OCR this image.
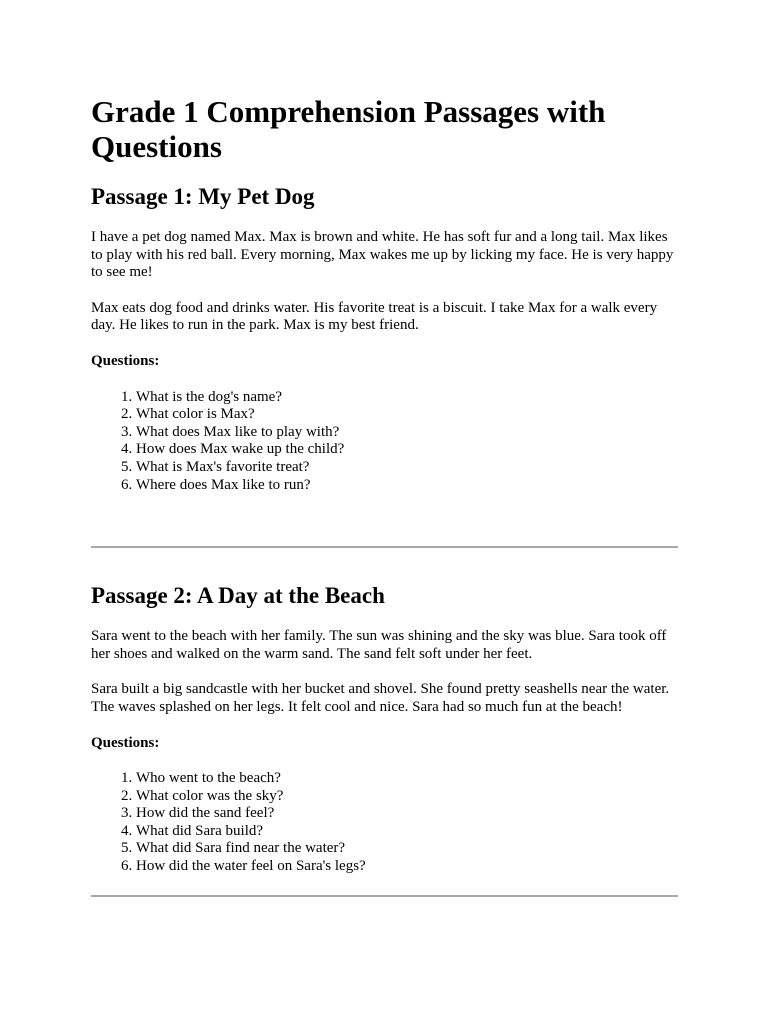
Grade 1 Comprehension Passages with Questions
Passage 1: My Pet Dog

I have a pet dog named Max. Max is brown and white. He has soft fur and a long tail. Max likes to play with his red ball. Every morning, Max wakes me up by licking my face. He is very happy to see me!

Max eats dog food and drinks water. His favorite treat is a biscuit. I take Max for a walk every day. He likes to run in the park. Max is my best friend.

Questions:
1. What is the dog's name?
2. What color is Max?
3. What does Max like to play with?
4. How does Max wake up the child?
5. What is Max's favorite treat?
6. Where does Max like to run?
Passage 2: A Day at the Beach

Sara went to the beach with her family. The sun was shining and the sky was blue. Sara took off her shoes and walked on the warm sand. The sand felt soft under her feet.

Sara built a big sandcastle with her bucket and shovel. She found pretty seashells near the water. The waves splashed on her legs. It felt cool and nice. Sara had so much fun at the beach!

Questions:
1. Who went to the beach?
2. What color was the sky?
3. How did the sand feel?
4. What did Sara build?
5. What did Sara find near the water?
6. How did the water feel on Sara's legs?
